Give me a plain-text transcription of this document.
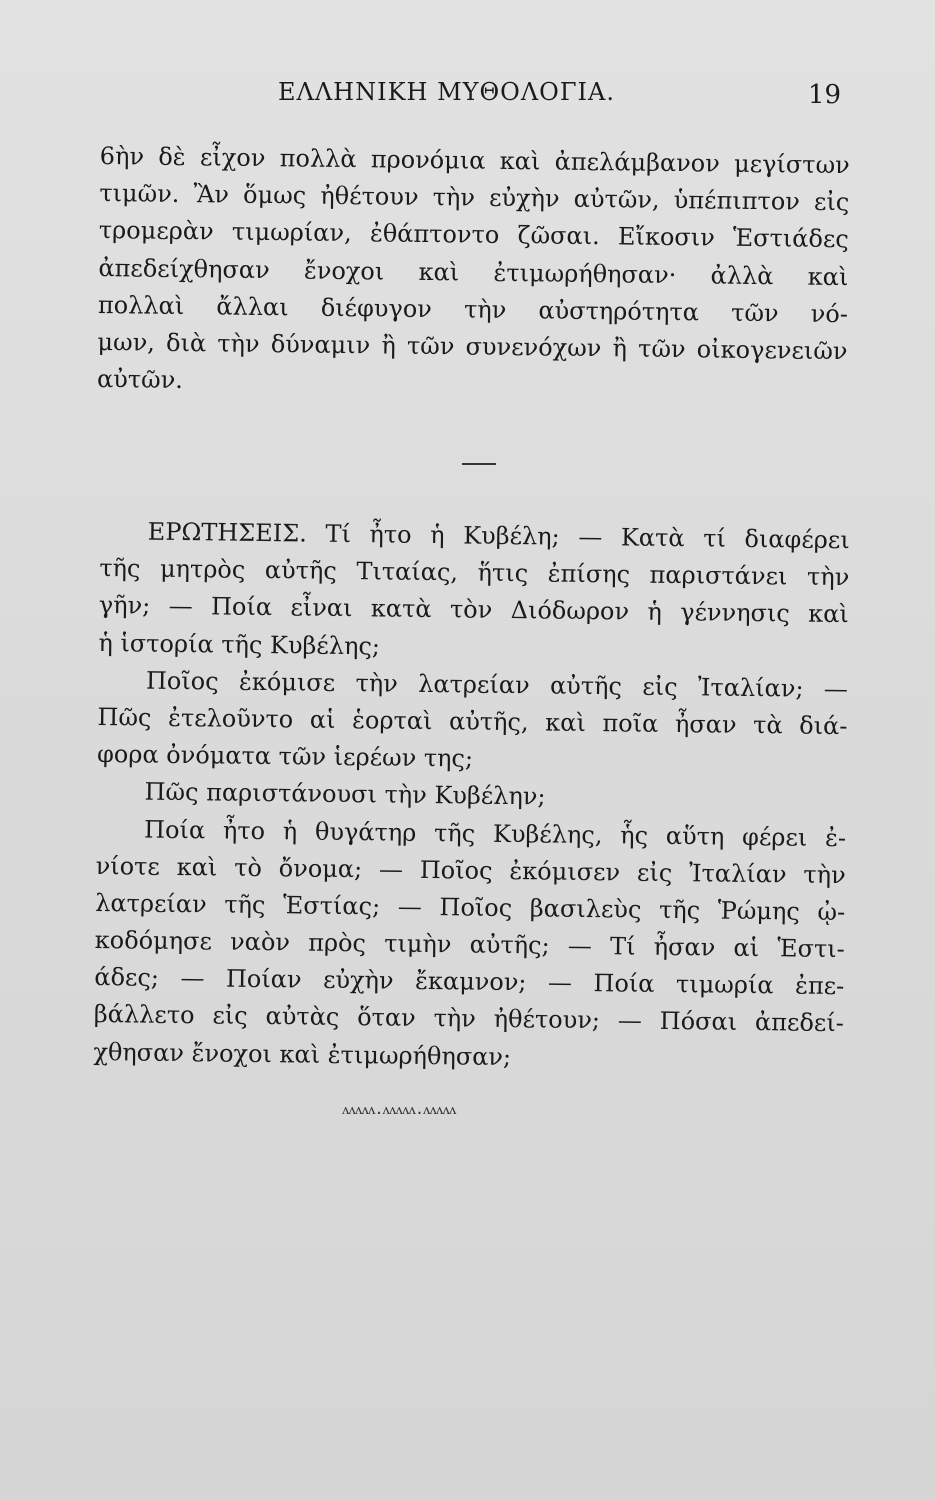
ΕΛΛΗΝΙΚΗ ΜΥΘΟΛΟΓΙΑ.	19
6ὴν δὲ εἶχον πολλὰ προνόμια καὶ ἀπελάμβανον μεγίστων
τιμῶν. Ἂν ὅμως ἠθέτουν τὴν εὐχὴν αὐτῶν, ὑπέπιπτον εἰς
τρομερὰν τιμωρίαν, ἐθάπτοντο ζῶσαι. Εἴκοσιν Ἑστιάδες
ἀπεδείχθησαν ἔνοχοι καὶ ἐτιμωρήθησαν· ἀλλὰ καὶ
πολλαὶ ἄλλαι διέφυγον τὴν αὐστηρότητα τῶν νό-
μων, διὰ τὴν δύναμιν ἢ τῶν συνενόχων ἢ τῶν οἰκογενειῶν
αὐτῶν.
ΕΡΩΤΗΣΕΙΣ. Τί ἦτο ἡ Κυβέλη; — Κατὰ τί διαφέρει
τῆς μητρὸς αὐτῆς Τιταίας, ἥτις ἐπίσης παριστάνει τὴν
γῆν; — Ποία εἶναι κατὰ τὸν Διόδωρον ἡ γέννησις καὶ
ἡ ἱστορία τῆς Κυβέλης;
Ποῖος ἐκόμισε τὴν λατρείαν αὐτῆς εἰς Ἰταλίαν; —
Πῶς ἐτελοῦντο αἱ ἑορταὶ αὐτῆς, καὶ ποῖα ἦσαν τὰ διά-
φορα ὀνόματα τῶν ἱερέων της;
Πῶς παριστάνουσι τὴν Κυβέλην;
Ποία ἦτο ἡ θυγάτηρ τῆς Κυβέλης, ἧς αὕτη φέρει ἐ-
νίοτε καὶ τὸ ὄνομα; — Ποῖος ἐκόμισεν εἰς Ἰταλίαν τὴν
λατρείαν τῆς Ἑστίας; — Ποῖος βασιλεὺς τῆς Ῥώμης ᾠ-
κοδόμησε ναὸν πρὸς τιμὴν αὐτῆς; — Τί ἦσαν αἱ Ἑστι-
άδες; — Ποίαν εὐχὴν ἔκαμνον; — Ποία τιμωρία ἐπε-
βάλλετο εἰς αὐτὰς ὅταν τὴν ἠθέτουν; — Πόσαι ἀπεδεί-
χθησαν ἔνοχοι καὶ ἐτιμωρήθησαν;
ᴧᴧᴧᴧᴧ.ᴧᴧᴧᴧᴧ.ᴧᴧᴧᴧᴧ
